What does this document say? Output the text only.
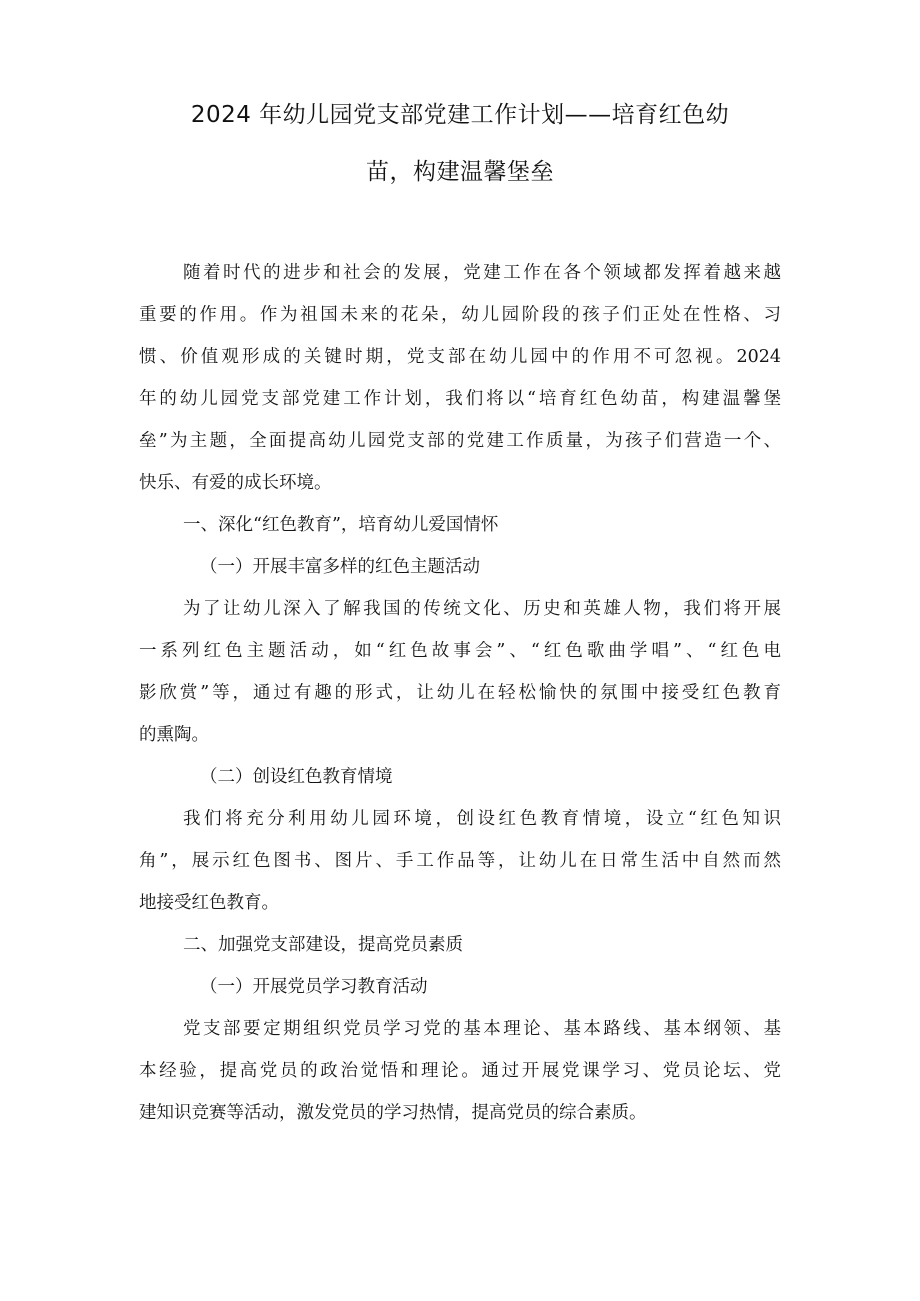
2024 年幼儿园党支部党建工作计划——培育红色幼
苗，构建温馨堡垒
随着时代的进步和社会的发展，党建工作在各个领域都发挥着越来越
重要的作用。作为祖国未来的花朵，幼儿园阶段的孩子们正处在性格、习
惯、价值观形成的关键时期，党支部在幼儿园中的作用不可忽视。2024
年的幼儿园党支部党建工作计划，我们将以“培育红色幼苗，构建温馨堡
垒”为主题，全面提高幼儿园党支部的党建工作质量，为孩子们营造一个、
快乐、有爱的成长环境。
一、深化“红色教育”，培育幼儿爱国情怀
（一）开展丰富多样的红色主题活动
为了让幼儿深入了解我国的传统文化、历史和英雄人物，我们将开展
一系列红色主题活动，如“红色故事会”、“红色歌曲学唱”、“红色电
影欣赏”等，通过有趣的形式，让幼儿在轻松愉快的氛围中接受红色教育
的熏陶。
（二）创设红色教育情境
我们将充分利用幼儿园环境，创设红色教育情境，设立“红色知识
角”，展示红色图书、图片、手工作品等，让幼儿在日常生活中自然而然
地接受红色教育。
二、加强党支部建设，提高党员素质
（一）开展党员学习教育活动
党支部要定期组织党员学习党的基本理论、基本路线、基本纲领、基
本经验，提高党员的政治觉悟和理论。通过开展党课学习、党员论坛、党
建知识竞赛等活动，激发党员的学习热情，提高党员的综合素质。
